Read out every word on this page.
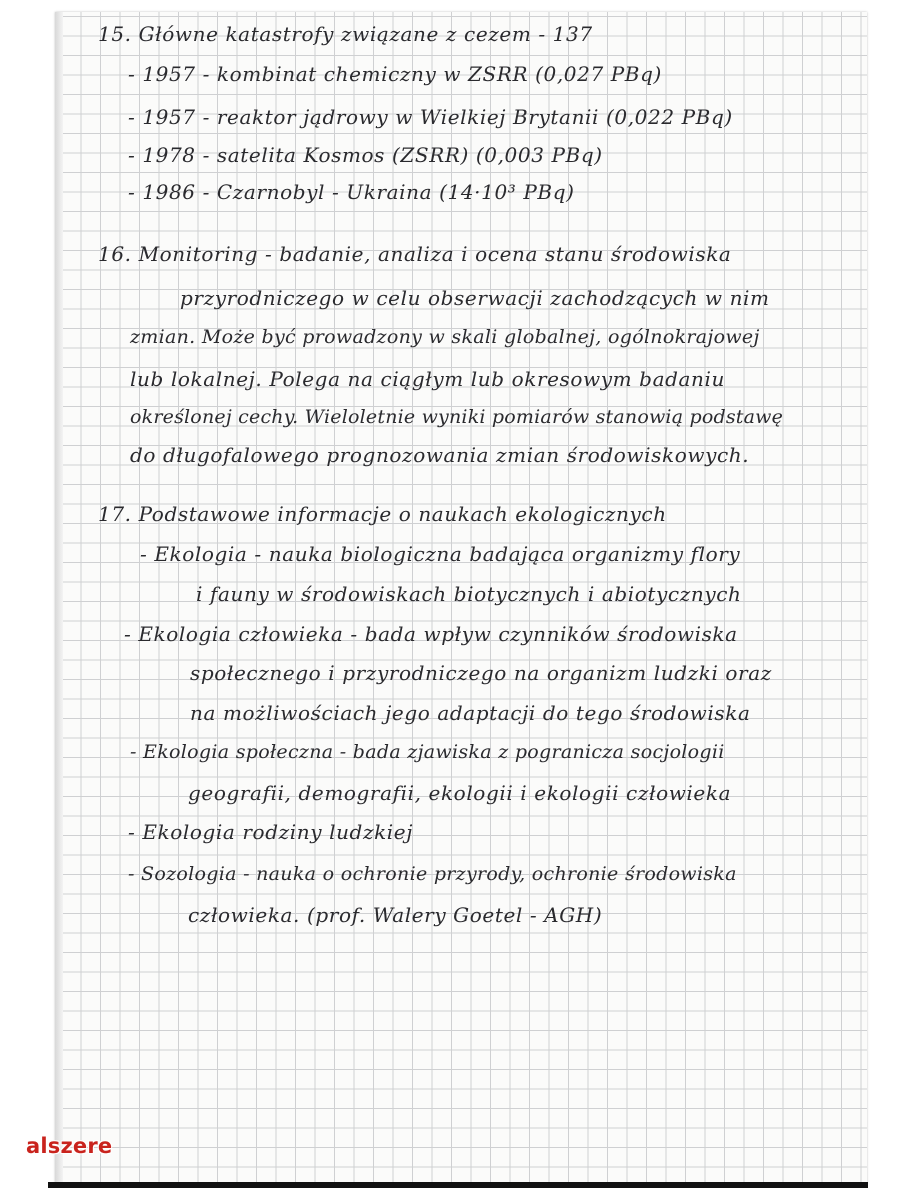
15. Główne katastrofy związane z cezem - 137

- 1957 - kombinat chemiczny w ZSRR (0,027 PBq)

- 1957 - reaktor jądrowy w Wielkiej Brytanii (0,022 PBq)

- 1978 - satelita Kosmos (ZSRR) (0,003 PBq)

- 1986 - Czarnobyl - Ukraina (14·10³ PBq)

16. Monitoring - badanie, analiza i ocena stanu środowiska

przyrodniczego w celu obserwacji zachodzących w nim

zmian. Może być prowadzony w skali globalnej, ogólnokrajowej

lub lokalnej. Polega na ciągłym lub okresowym badaniu

określonej cechy. Wieloletnie wyniki pomiarów stanowią podstawę

do długofalowego prognozowania zmian środowiskowych.

17. Podstawowe informacje o naukach ekologicznych

- Ekologia - nauka biologiczna badająca organizmy flory

i fauny w środowiskach biotycznych i abiotycznych

- Ekologia człowieka - bada wpływ czynników środowiska

społecznego i przyrodniczego na organizm ludzki oraz

na możliwościach jego adaptacji do tego środowiska

- Ekologia społeczna - bada zjawiska z pogranicza socjologii

geografii, demografii, ekologii i ekologii człowieka

- Ekologia rodziny ludzkiej

- Sozologia - nauka o ochronie przyrody, ochronie środowiska

człowieka. (prof. Walery Goetel - AGH)

alszere
